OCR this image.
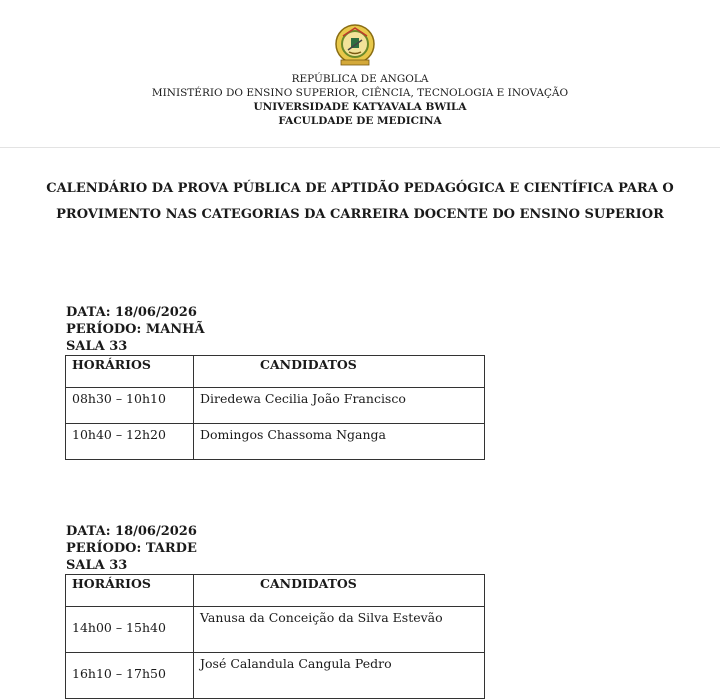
REPÚBLICA DE ANGOLA
MINISTÉRIO DO ENSINO SUPERIOR, CIÊNCIA, TECNOLOGIA E INOVAÇÃO
UNIVERSIDADE KATYAVALA BWILA
FACULDADE DE MEDICINA
CALENDÁRIO DA PROVA PÚBLICA DE APTIDÃO PEDAGÓGICA E CIENTÍFICA PARA O
PROVIMENTO NAS CATEGORIAS DA CARREIRA DOCENTE DO ENSINO SUPERIOR
DATA: 18/06/2026
PERÍODO: MANHÃ
SALA 33
HORÁRIOS	CANDIDATOS
08h30 – 10h10	Diredewa Cecilia João Francisco
10h40 – 12h20	Domingos Chassoma Nganga
DATA: 18/06/2026
PERÍODO: TARDE
SALA 33
HORÁRIOS	CANDIDATOS
14h00 – 15h40	Vanusa da Conceição da Silva Estevão
16h10 – 17h50	José Calandula Cangula Pedro
